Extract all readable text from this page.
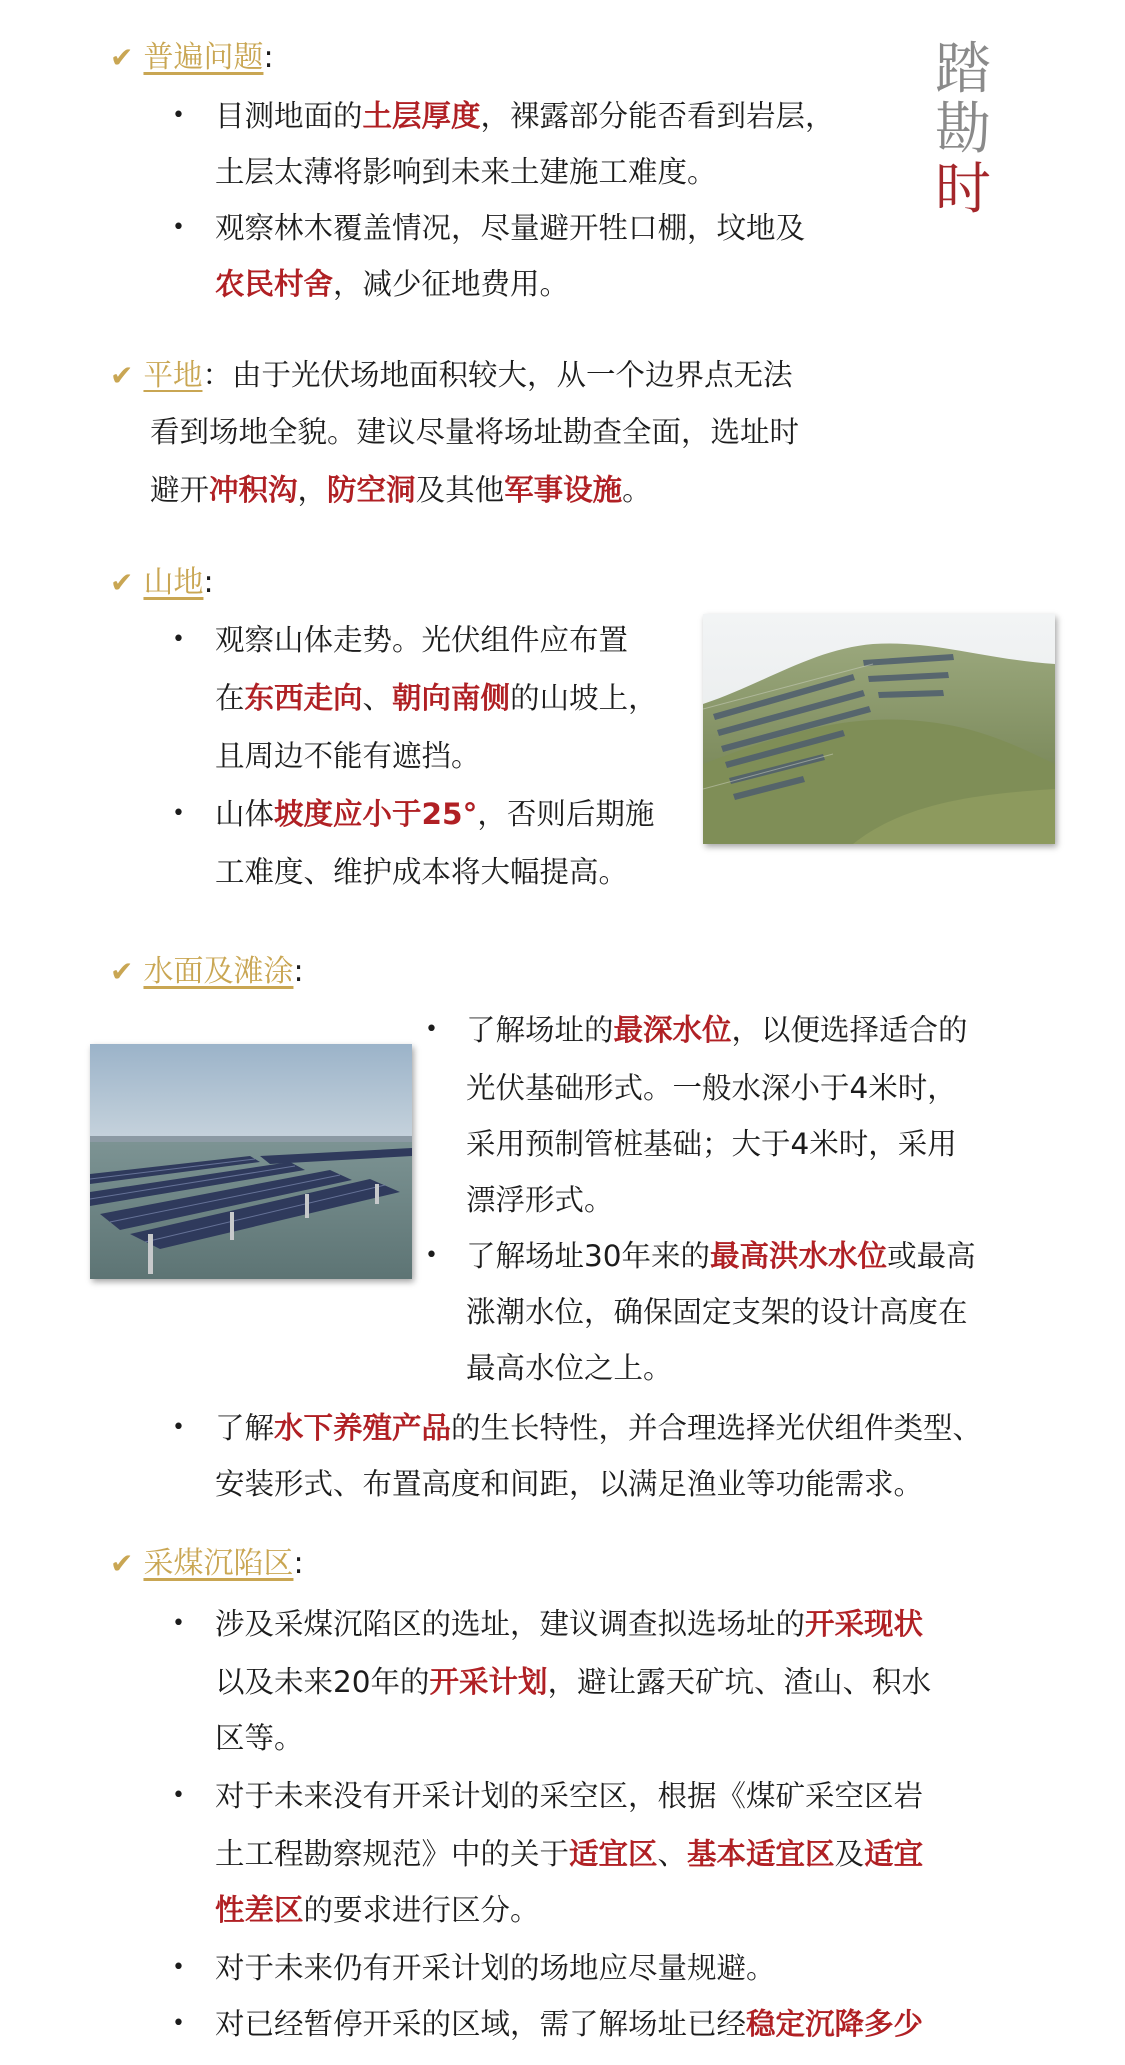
踏
勘
时
✔ 普遍问题:
• 目测地面的土层厚度，裸露部分能否看到岩层，
土层太薄将影响到未来土建施工难度。
• 观察林木覆盖情况，尽量避开牲口棚，坟地及
农民村舍，减少征地费用。
✔ 平地：由于光伏场地面积较大，从一个边界点无法
看到场地全貌。建议尽量将场址勘查全面，选址时
避开冲积沟，防空洞及其他军事设施。
✔ 山地:
• 观察山体走势。光伏组件应布置
在东西走向、朝向南侧的山坡上，
且周边不能有遮挡。
• 山体坡度应小于25°，否则后期施
工难度、维护成本将大幅提高。
✔ 水面及滩涂:
• 了解场址的最深水位，以便选择适合的
光伏基础形式。一般水深小于4米时，
采用预制管桩基础；大于4米时，采用
漂浮形式。
• 了解场址30年来的最高洪水水位或最高
涨潮水位，确保固定支架的设计高度在
最高水位之上。
• 了解水下养殖产品的生长特性，并合理选择光伏组件类型、
安装形式、布置高度和间距，以满足渔业等功能需求。
✔ 采煤沉陷区:
• 涉及采煤沉陷区的选址，建议调查拟选场址的开采现状
以及未来20年的开采计划，避让露天矿坑、渣山、积水
区等。
• 对于未来没有开采计划的采空区，根据《煤矿采空区岩
土工程勘察规范》中的关于适宜区、基本适宜区及适宜
性差区的要求进行区分。
• 对于未来仍有开采计划的场地应尽量规避。
• 对已经暂停开采的区域，需了解场址已经稳定沉降多少
